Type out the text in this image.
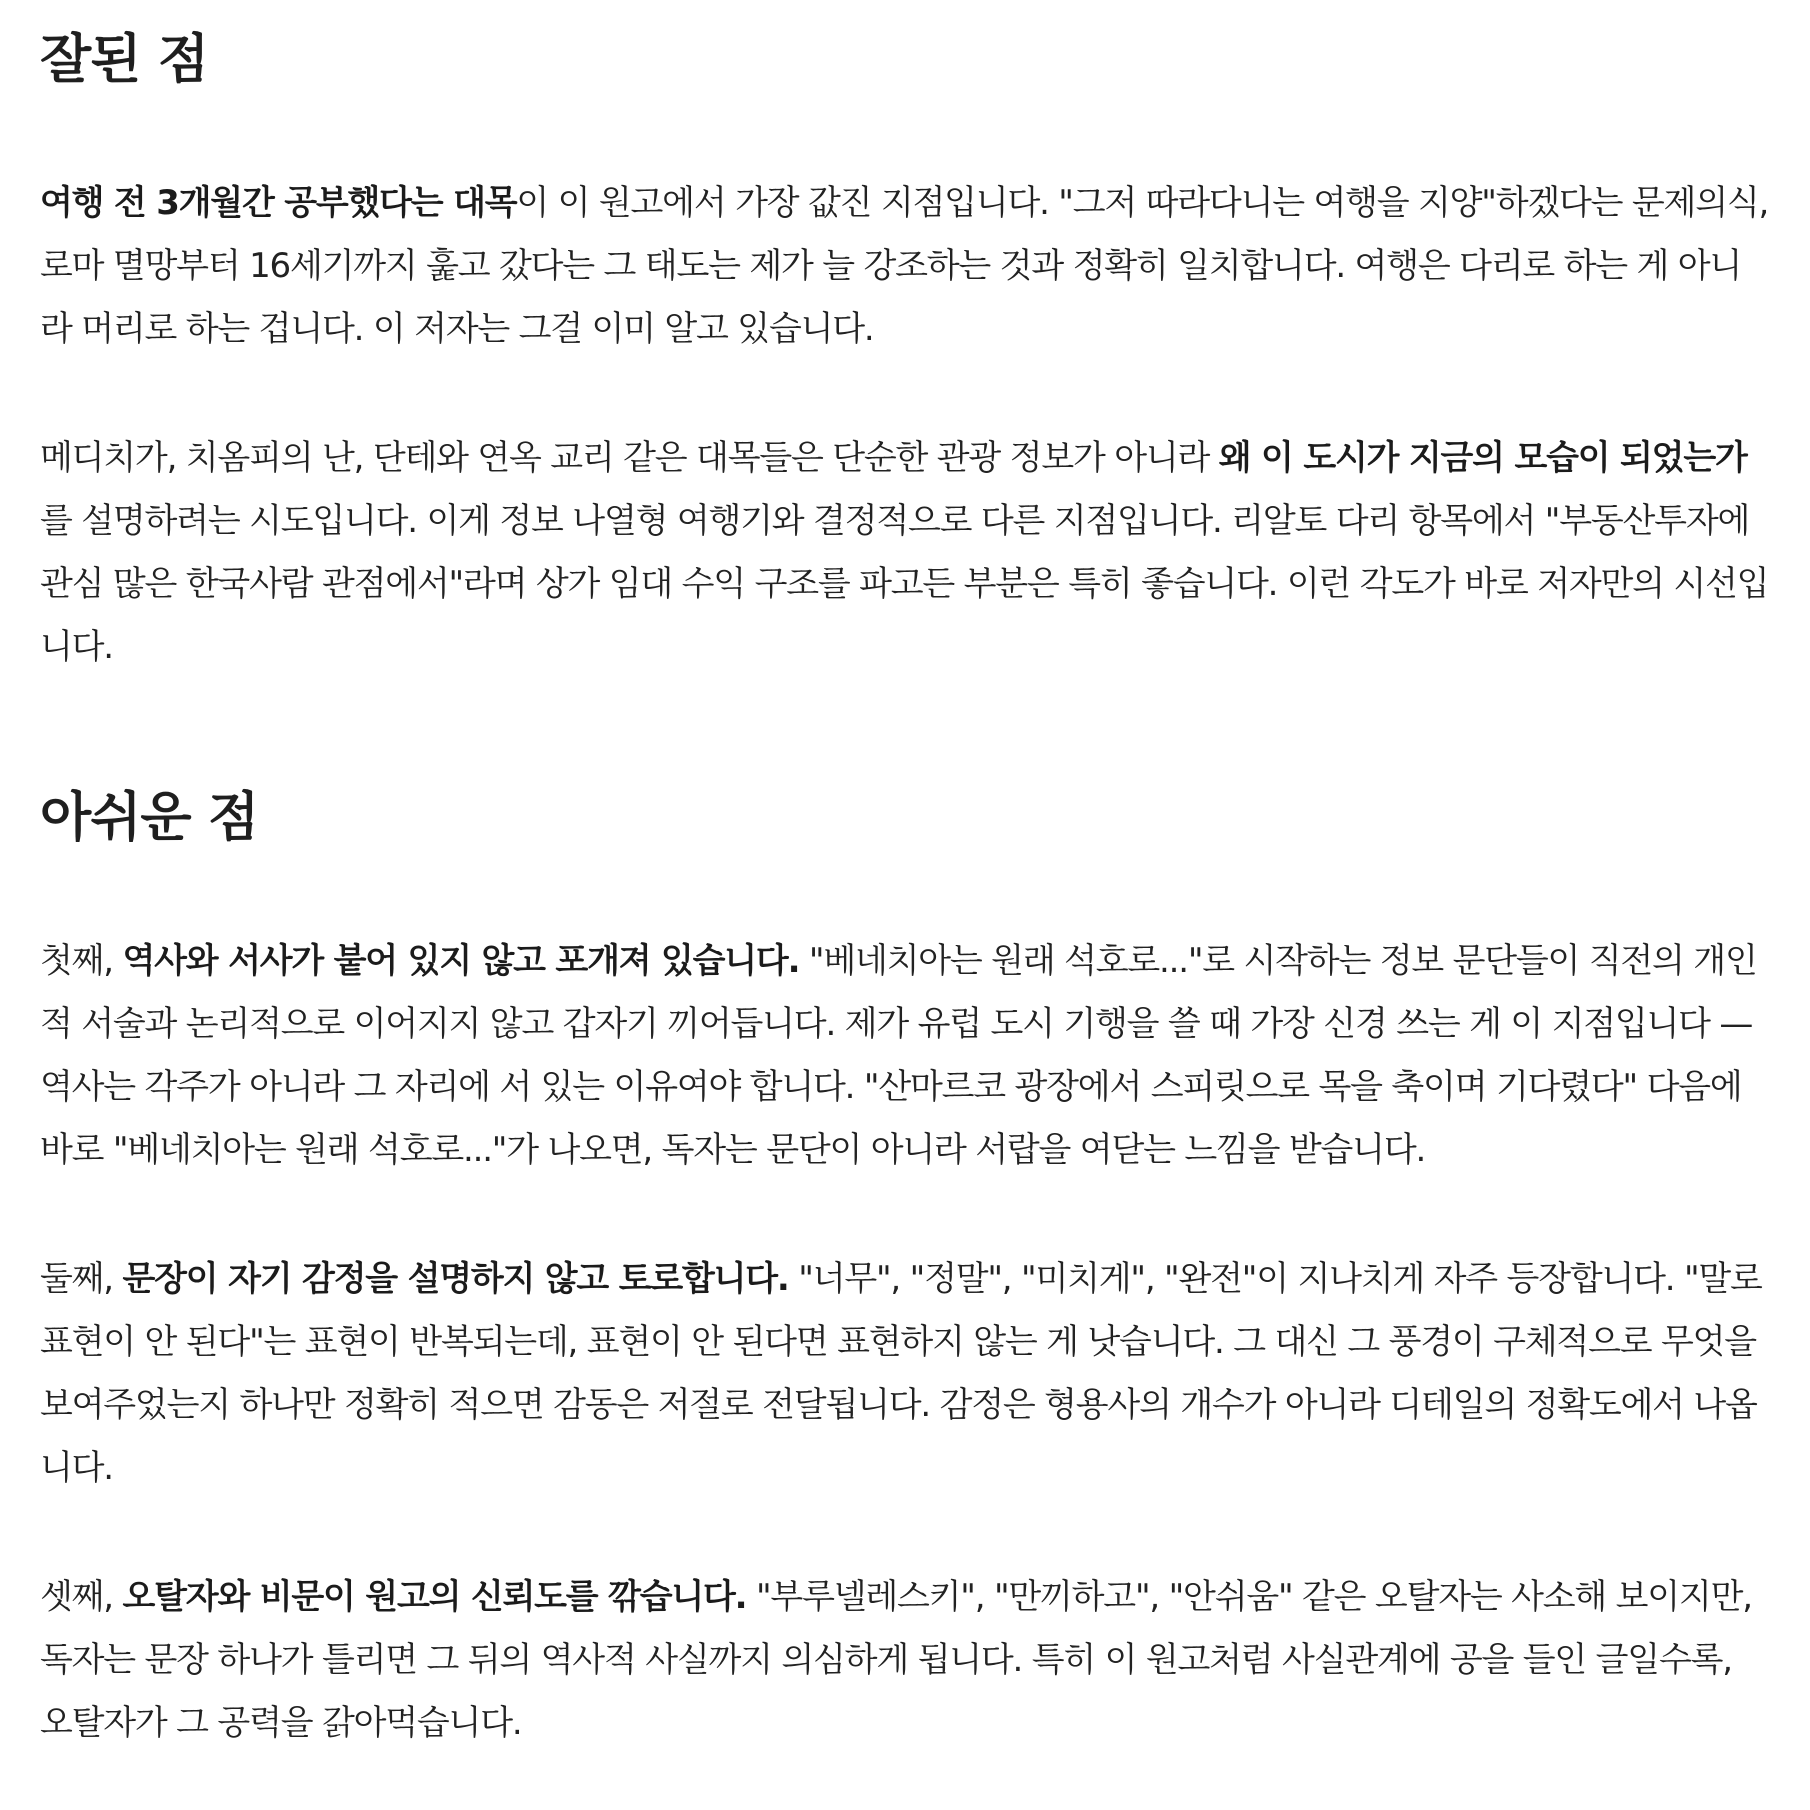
잘된 점

여행 전 3개월간 공부했다는 대목이 이 원고에서 가장 값진 지점입니다. "그저 따라다니는 여행을 지양"하겠다는 문제의식, 로마 멸망부터 16세기까지 훑고 갔다는 그 태도는 제가 늘 강조하는 것과 정확히 일치합니다. 여행은 다리로 하는 게 아니라 머리로 하는 겁니다. 이 저자는 그걸 이미 알고 있습니다.

메디치가, 치옴피의 난, 단테와 연옥 교리 같은 대목들은 단순한 관광 정보가 아니라 왜 이 도시가 지금의 모습이 되었는가를 설명하려는 시도입니다. 이게 정보 나열형 여행기와 결정적으로 다른 지점입니다. 리알토 다리 항목에서 "부동산투자에 관심 많은 한국사람 관점에서"라며 상가 임대 수익 구조를 파고든 부분은 특히 좋습니다. 이런 각도가 바로 저자만의 시선입니다.

아쉬운 점

첫째, 역사와 서사가 붙어 있지 않고 포개져 있습니다. "베네치아는 원래 석호로..."로 시작하는 정보 문단들이 직전의 개인적 서술과 논리적으로 이어지지 않고 갑자기 끼어듭니다. 제가 유럽 도시 기행을 쓸 때 가장 신경 쓰는 게 이 지점입니다 — 역사는 각주가 아니라 그 자리에 서 있는 이유여야 합니다. "산마르코 광장에서 스피릿으로 목을 축이며 기다렸다" 다음에 바로 "베네치아는 원래 석호로..."가 나오면, 독자는 문단이 아니라 서랍을 여닫는 느낌을 받습니다.

둘째, 문장이 자기 감정을 설명하지 않고 토로합니다. "너무", "정말", "미치게", "완전"이 지나치게 자주 등장합니다. "말로 표현이 안 된다"는 표현이 반복되는데, 표현이 안 된다면 표현하지 않는 게 낫습니다. 그 대신 그 풍경이 구체적으로 무엇을 보여주었는지 하나만 정확히 적으면 감동은 저절로 전달됩니다. 감정은 형용사의 개수가 아니라 디테일의 정확도에서 나옵니다.

셋째, 오탈자와 비문이 원고의 신뢰도를 깎습니다. "부루넬레스키", "만끼하고", "안쉬움" 같은 오탈자는 사소해 보이지만, 독자는 문장 하나가 틀리면 그 뒤의 역사적 사실까지 의심하게 됩니다. 특히 이 원고처럼 사실관계에 공을 들인 글일수록, 오탈자가 그 공력을 갉아먹습니다.
